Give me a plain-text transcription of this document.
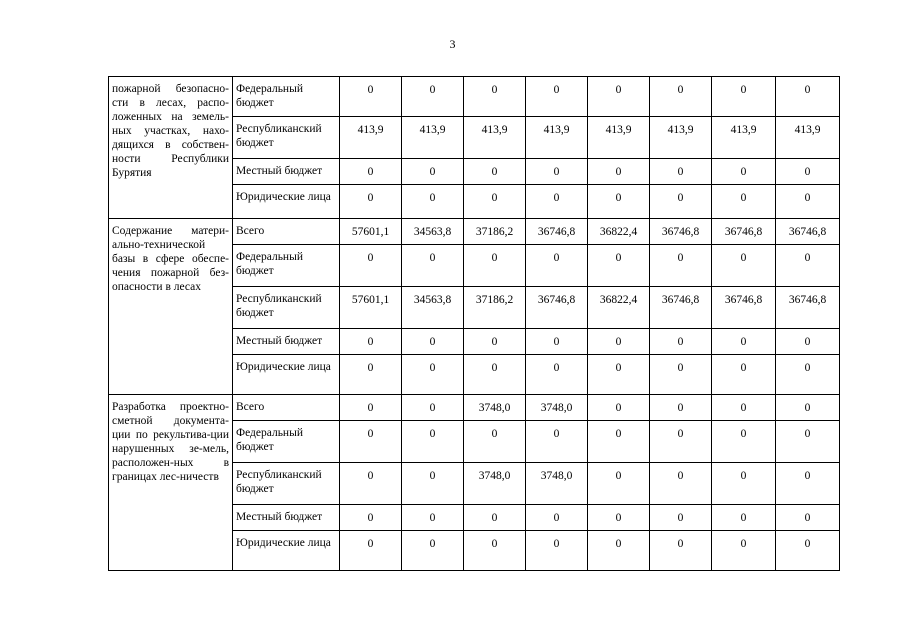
3
пожарной безопасно-сти в лесах, распо-ложенных на земель-ных участках, нахо-дящихся в собствен-ности Республики Бурятия	Федеральный бюджет	0	0	0	0	0	0	0	0
	Республиканский бюджет	413,9	413,9	413,9	413,9	413,9	413,9	413,9	413,9
	Местный бюджет	0	0	0	0	0	0	0	0
	Юридические лица	0	0	0	0	0	0	0	0
Содержание матери-ально-технической базы в сфере обеспе-чения пожарной без-опасности в лесах	Всего	57601,1	34563,8	37186,2	36746,8	36822,4	36746,8	36746,8	36746,8
	Федеральный бюджет	0	0	0	0	0	0	0	0
	Республиканский бюджет	57601,1	34563,8	37186,2	36746,8	36822,4	36746,8	36746,8	36746,8
	Местный бюджет	0	0	0	0	0	0	0	0
	Юридические лица	0	0	0	0	0	0	0	0
Разработка проектно-сметной документа-ции по рекультива-ции нарушенных зе-мель, расположен-ных в границах лес-ничеств	Всего	0	0	3748,0	3748,0	0	0	0	0
	Федеральный бюджет	0	0	0	0	0	0	0	0
	Республиканский бюджет	0	0	3748,0	3748,0	0	0	0	0
	Местный бюджет	0	0	0	0	0	0	0	0
	Юридические лица	0	0	0	0	0	0	0	0
